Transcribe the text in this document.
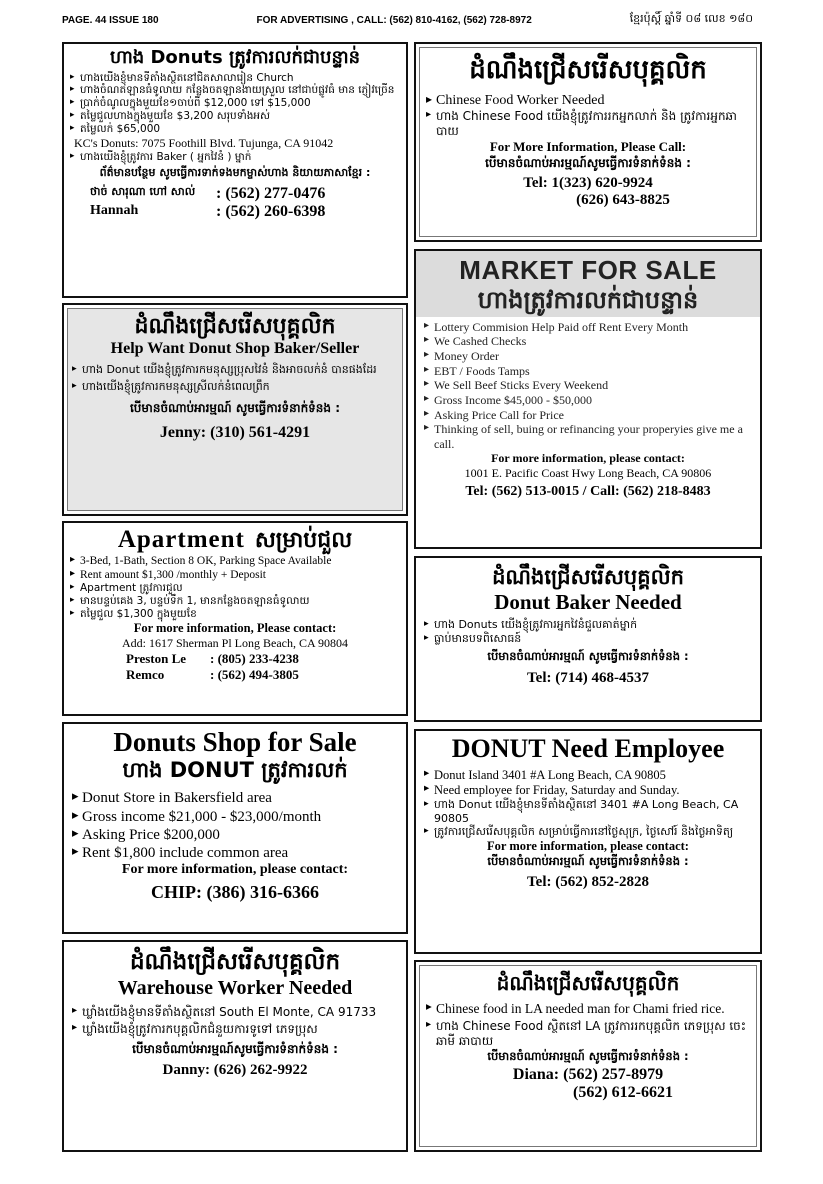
PAGE. 44 ISSUE 180	FOR ADVERTISING , CALL: (562) 810-4162, (562) 728-8972	ខ្មែរប៉ុស្តិ៍ ឆ្នាំទី ០៨ លេខ ១៨០
ហាង Donuts ត្រូវការលក់ជាបន្ទាន់
▸ ហាងយើងខ្ញុំមានទីតាំងស្ថិតនៅជិតសាលារៀន Church
▸ ហាងចំណតឡានធំទូលាយ កន្លែងចតឡានងាយស្រួល នៅជាប់ផ្លូវធំ មាន ភ្ញៀវច្រើន
▸ ប្រាក់ចំណូលក្នុងមួយខែ១ចាប់ពី $12,000 ទៅ $15,000
▸ តម្លៃជួលហាងក្នុងមួយខែ $3,200 សរុបទាំងអស់
▸ តម្លៃលក់ $65,000
KC's Donuts: 7075 Foothill Blvd. Tujunga, CA 91042
▸ ហាងយើងខ្ញុំត្រូវការ Baker ( អ្នកវៃនំ ) ម្នាក់
ព័ត៌មានបន្ថែម សូមធ្វើការទាក់ទងមកម្ចាស់ហាង និយាយភាសាខ្មែរ :
ថាច់ សារុណា ហៅ សាល់	: (562) 277-0476
Hannah	: (562) 260-6398
ដំណឹងជ្រើសរើសបុគ្គលិក
▸ Chinese Food Worker Needed
▸ ហាង Chinese Food យើងខ្ញុំត្រូវការរកអ្នកលាក់ និង ត្រូវការអ្នកឆាបាយ
For More Information, Please Call:
បើមានចំណាប់អារម្មណ៍សូមធ្វើការទំនាក់ទំនង :
Tel: 1(323) 620-9924
(626) 643-8825
ដំណឹងជ្រើសរើសបុគ្គលិក
Help Want Donut Shop Baker/Seller
▸ ហាង Donut យើងខ្ញុំត្រូវការកមនុស្សប្រុសវៃនំ និងអាចលក់នំ បានផងដែរ
▸ ហាងយើងខ្ញុំត្រូវការកមនុស្សស្រីលក់នំពេលព្រឹក
បើមានចំណាប់អារម្មណ៍ សូមធ្វើការទំនាក់ទំនង :
Jenny: (310) 561-4291
MARKET FOR SALE
ហាងត្រូវការលក់ជាបន្ទាន់
▸ Lottery Commision Help Paid off Rent Every Month
▸ We Cashed Checks
▸ Money Order
▸ EBT / Foods Tamps
▸ We Sell Beef Sticks Every Weekend
▸ Gross Income $45,000 - $50,000
▸ Asking Price Call for Price
▸ Thinking of sell, buing or refinancing your properyies give me a call.
For more information, please contact:
1001 E. Pacific Coast Hwy Long Beach, CA 90806
Tel: (562) 513-0015 / Call: (562) 218-8483
Apartment សម្រាប់ជួល
▸ 3-Bed, 1-Bath, Section 8 OK, Parking Space Available
▸ Rent amount $1,300 /monthly + Deposit
▸ Apartment ត្រូវការជួល
▸ មានបន្ទប់គេង 3, បន្ទប់ទឹក 1, មានកន្លែងចតឡានធំទូលាយ
▸ តម្លៃជួល $1,300 ក្នុងមួយខែ
For more information, Please contact:
Add: 1617 Sherman Pl Long Beach, CA 90804
Preston Le	: (805) 233-4238
Remco	: (562) 494-3805
ដំណឹងជ្រើសរើសបុគ្គលិក
Donut Baker Needed
▸ ហាង Donuts យើងខ្ញុំត្រូវការអ្នកវៃនំជួលគាត់ម្នាក់
▸ ធ្លាប់មានបទពិសោធន៍
បើមានចំណាប់អារម្មណ៍ សូមធ្វើការទំនាក់ទំនង :
Tel: (714) 468-4537
Donuts Shop for Sale
ហាង DONUT ត្រូវការលក់
▸ Donut Store in Bakersfield area
▸ Gross income $21,000 - $23,000/month
▸ Asking Price $200,000
▸ Rent $1,800 include common area
For more information, please contact:
CHIP: (386) 316-6366
DONUT Need Employee
▸ Donut Island 3401 #A Long Beach, CA 90805
▸ Need employee for Friday, Saturday and Sunday.
▸ ហាង Donut យើងខ្ញុំមានទីតាំងស្ថិតនៅ 3401 #A Long Beach, CA 90805
▸ ត្រូវការជ្រើសរើសបុគ្គលិក សម្រាប់ធ្វើការនៅថ្ងៃសុក្រ, ថ្ងៃសៅរ៍ និងថ្ងៃអាទិត្យ
For more information, please contact:
បើមានចំណាប់អារម្មណ៍ សូមធ្វើការទំនាក់ទំនង :
Tel: (562) 852-2828
ដំណឹងជ្រើសរើសបុគ្គលិក
Warehouse Worker Needed
▸ ឃ្លាំងយើងខ្ញុំមានទីតាំងស្ថិតនៅ South El Monte, CA 91733
▸ ឃ្លាំងយើងខ្ញុំត្រូវការកបុគ្គលិកជំនួយការទូទៅ ភេទប្រុស
បើមានចំណាប់អារម្មណ៍សូមធ្វើការទំនាក់ទំនង :
Danny: (626) 262-9922
ដំណឹងជ្រើសរើសបុគ្គលិក
▸ Chinese food in LA needed man for Chami fried rice.
▸ ហាង Chinese Food ស្ថិតនៅ LA ត្រូវការរកបុគ្គលិក ភេទប្រុស ចេះឆាមី ឆាបាយ
បើមានចំណាប់អារម្មណ៍ សូមធ្វើការទំនាក់ទំនង :
Diana: (562) 257-8979
(562) 612-6621
